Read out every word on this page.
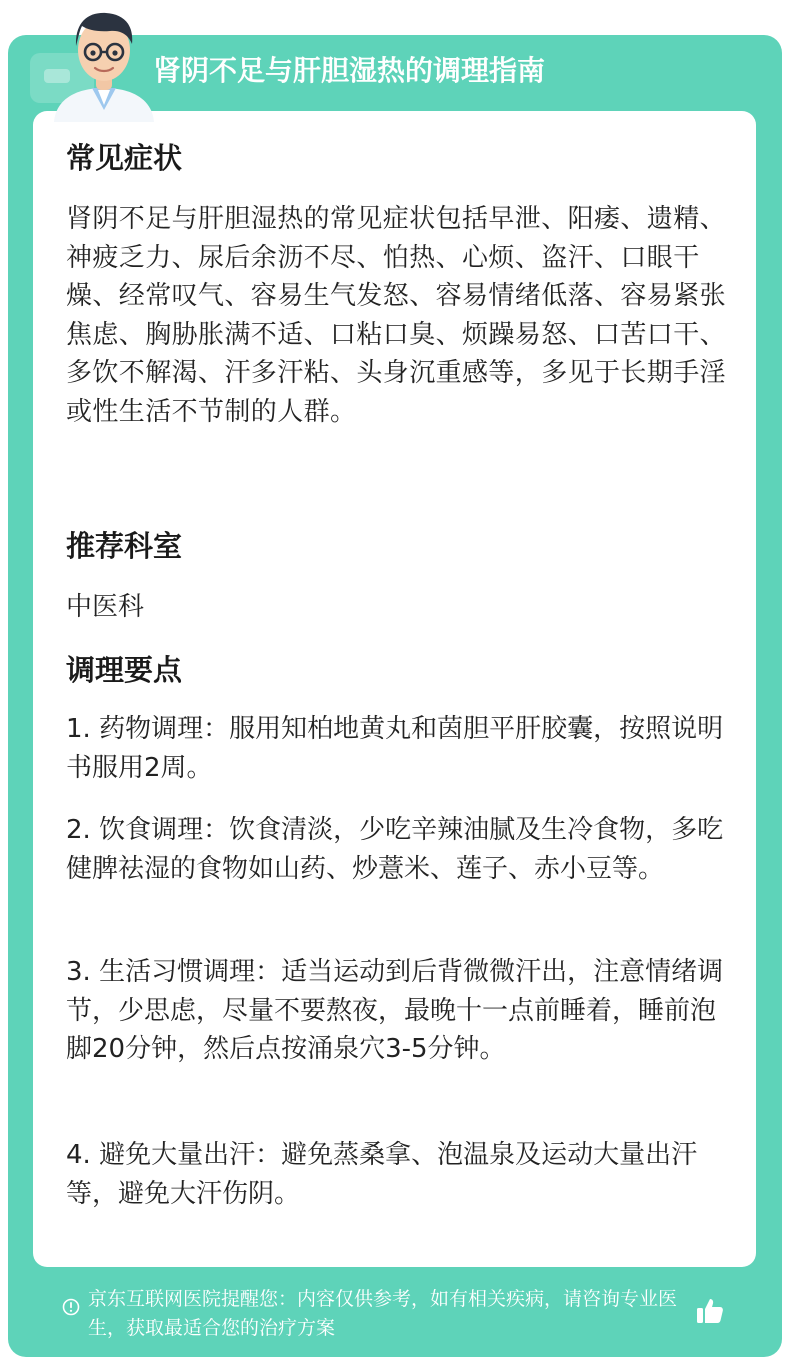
肾阴不足与肝胆湿热的调理指南
常见症状
肾阴不足与肝胆湿热的常见症状包括早泄、阳痿、遗精、神疲乏力、尿后余沥不尽、怕热、心烦、盗汗、口眼干燥、经常叹气、容易生气发怒、容易情绪低落、容易紧张焦虑、胸胁胀满不适、口粘口臭、烦躁易怒、口苦口干、多饮不解渴、汗多汗粘、头身沉重感等，多见于长期手淫或性生活不节制的人群。
推荐科室
中医科
调理要点
1. 药物调理：服用知柏地黄丸和茵胆平肝胶囊，按照说明书服用2周。
2. 饮食调理：饮食清淡，少吃辛辣油腻及生冷食物，多吃健脾祛湿的食物如山药、炒薏米、莲子、赤小豆等。
3. 生活习惯调理：适当运动到后背微微汗出，注意情绪调节，少思虑，尽量不要熬夜，最晚十一点前睡着，睡前泡脚20分钟，然后点按涌泉穴3-5分钟。
4. 避免大量出汗：避免蒸桑拿、泡温泉及运动大量出汗等，避免大汗伤阴。
京东互联网医院提醒您：内容仅供参考，如有相关疾病，请咨询专业医生，获取最适合您的治疗方案
